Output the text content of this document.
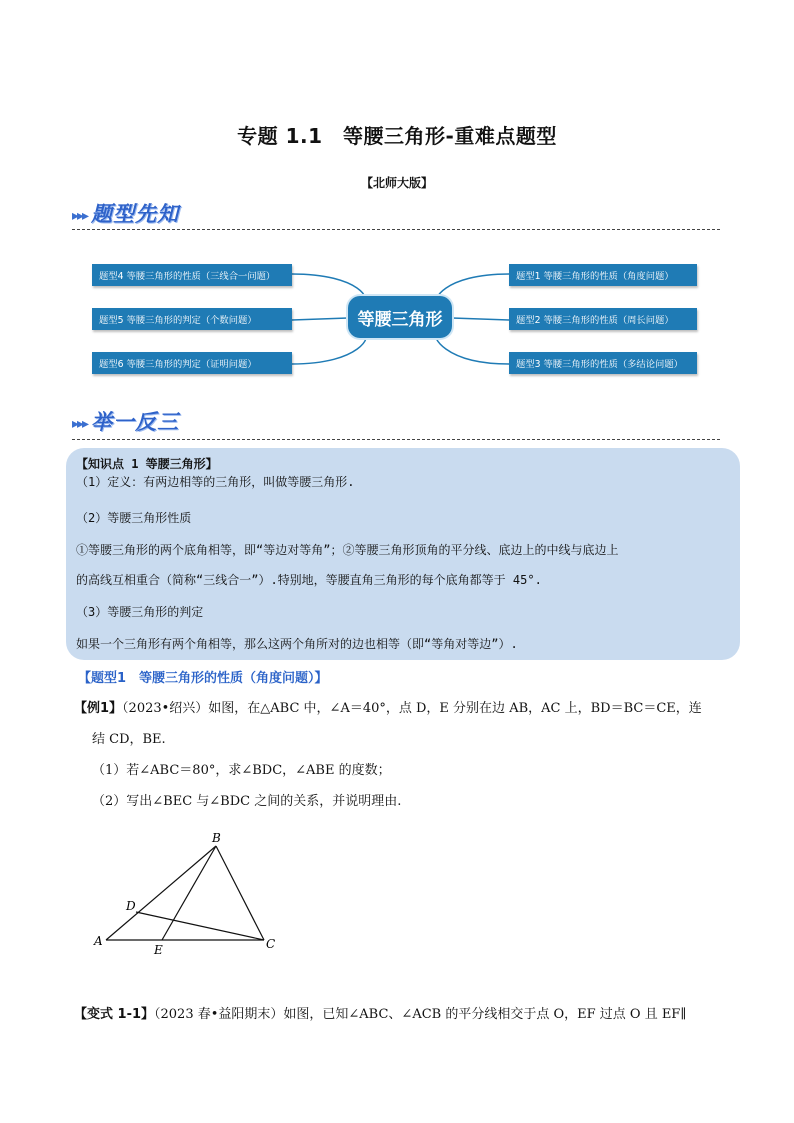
专题 1.1　等腰三角形-重难点题型
【北师大版】
▸▸▸ 题型先知
题型4 等腰三角形的性质（三线合一问题）
题型5 等腰三角形的判定（个数问题）
题型6 等腰三角形的判定（证明问题）
等腰三角形
题型1 等腰三角形的性质（角度问题）
题型2 等腰三角形的性质（周长问题）
题型3 等腰三角形的性质（多结论问题）
▸▸▸ 举一反三
【知识点 1 等腰三角形】
（1）定义：有两边相等的三角形，叫做等腰三角形.
（2）等腰三角形性质
①等腰三角形的两个底角相等，即“等边对等角”；②等腰三角形顶角的平分线、底边上的中线与底边上
的高线互相重合（简称“三线合一”）.特别地，等腰直角三角形的每个底角都等于 45°.
（3）等腰三角形的判定
如果一个三角形有两个角相等，那么这两个角所对的边也相等（即“等角对等边”）.
【题型1　等腰三角形的性质（角度问题）】
【例1】（2023•绍兴）如图，在△ABC 中，∠A＝40°，点 D，E 分别在边 AB，AC 上，BD＝BC＝CE，连
结 CD，BE.
（1）若∠ABC＝80°，求∠BDC，∠ABE 的度数；
（2）写出∠BEC 与∠BDC 之间的关系，并说明理由.
B
D
A
E	C
【变式 1-1】（2023 春•益阳期末）如图，已知∠ABC、∠ACB 的平分线相交于点 O，EF 过点 O 且 EF∥
